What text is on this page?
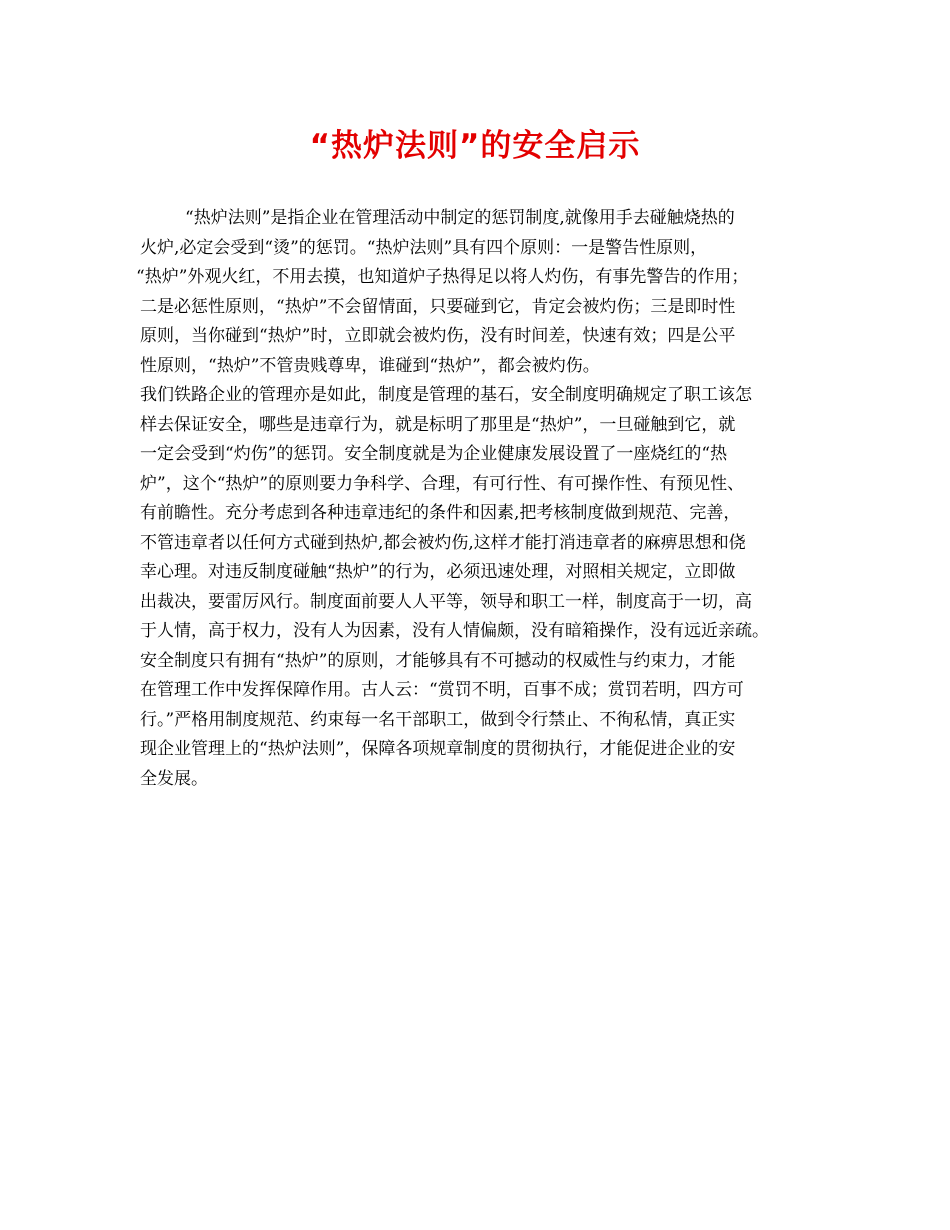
“热炉法则”的安全启示
“热炉法则”是指企业在管理活动中制定的惩罚制度,就像用手去碰触烧热的
火炉,必定会受到“烫”的惩罚。“热炉法则”具有四个原则：一是警告性原则，
“热炉”外观火红，不用去摸，也知道炉子热得足以将人灼伤，有事先警告的作用；
二是必惩性原则，“热炉”不会留情面，只要碰到它，肯定会被灼伤；三是即时性
原则，当你碰到“热炉”时，立即就会被灼伤，没有时间差，快速有效；四是公平
性原则，“热炉”不管贵贱尊卑，谁碰到“热炉”，都会被灼伤。
我们铁路企业的管理亦是如此，制度是管理的基石，安全制度明确规定了职工该怎
样去保证安全，哪些是违章行为，就是标明了那里是“热炉”，一旦碰触到它，就
一定会受到“灼伤”的惩罚。安全制度就是为企业健康发展设置了一座烧红的“热
炉”，这个“热炉”的原则要力争科学、合理，有可行性、有可操作性、有预见性、
有前瞻性。充分考虑到各种违章违纪的条件和因素,把考核制度做到规范、完善，
不管违章者以任何方式碰到热炉,都会被灼伤,这样才能打消违章者的麻痹思想和侥
幸心理。对违反制度碰触“热炉”的行为，必须迅速处理，对照相关规定，立即做
出裁决，要雷厉风行。制度面前要人人平等，领导和职工一样，制度高于一切，高
于人情，高于权力，没有人为因素，没有人情偏颇，没有暗箱操作，没有远近亲疏。
安全制度只有拥有“热炉”的原则，才能够具有不可撼动的权威性与约束力，才能
在管理工作中发挥保障作用。古人云：“赏罚不明，百事不成；赏罚若明，四方可
行。”严格用制度规范、约束每一名干部职工，做到令行禁止、不徇私情，真正实
现企业管理上的“热炉法则”，保障各项规章制度的贯彻执行，才能促进企业的安
全发展。
